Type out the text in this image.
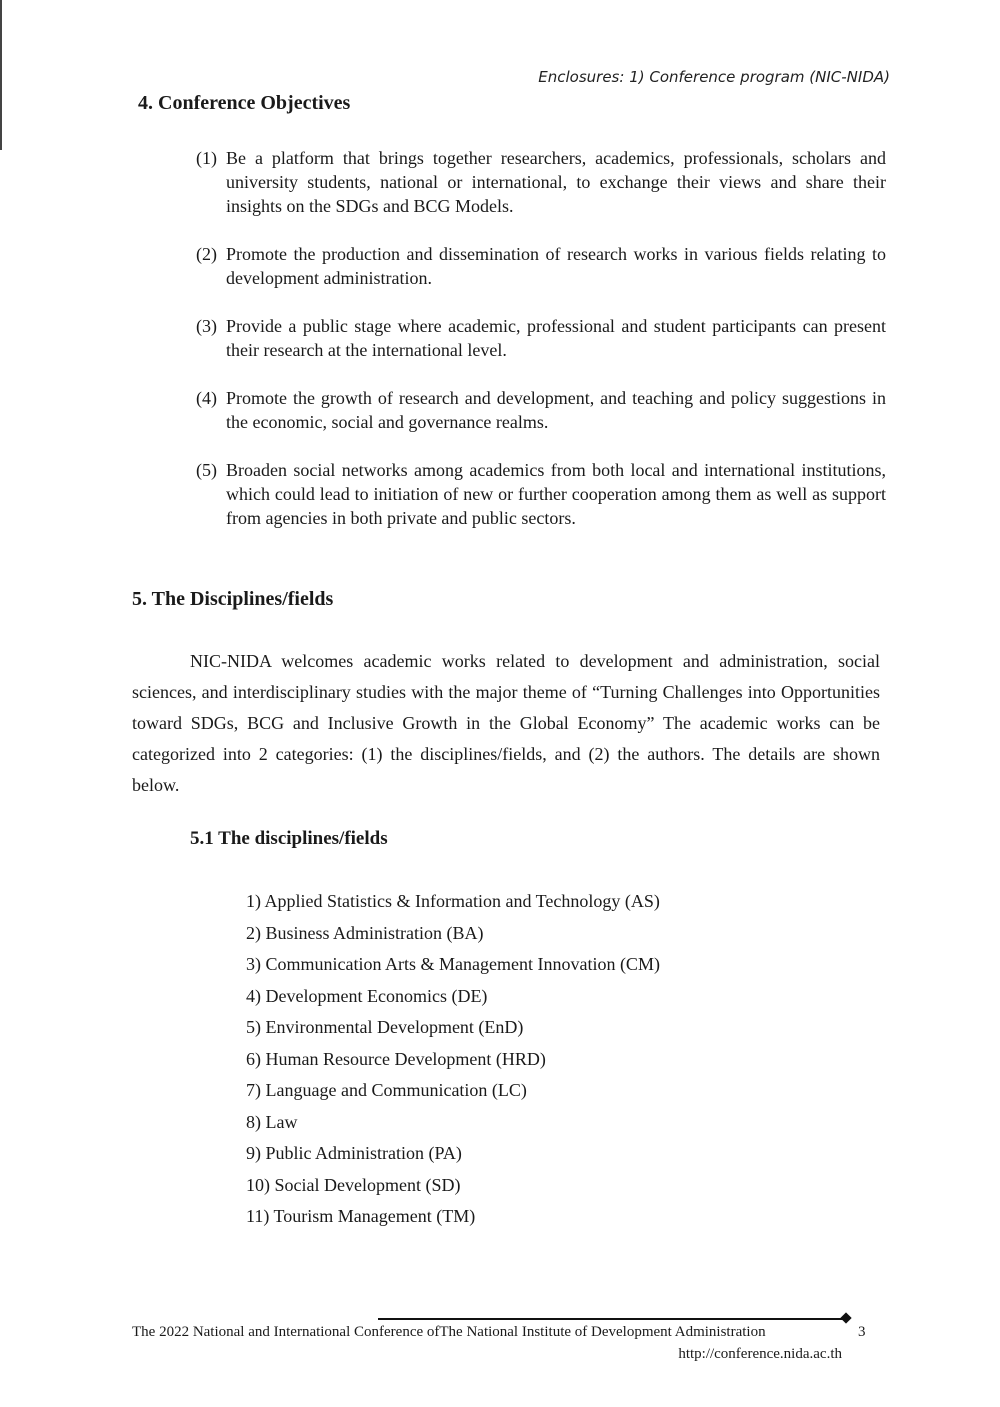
Enclosures: 1) Conference program (NIC-NIDA)
4. Conference Objectives
(1) Be a platform that brings together researchers, academics, professionals, scholars and university students, national or international, to exchange their views and share their insights on the SDGs and BCG Models.
(2) Promote the production and dissemination of research works in various fields relating to development administration.
(3) Provide a public stage where academic, professional and student participants can present their research at the international level.
(4) Promote the growth of research and development, and teaching and policy suggestions in the economic, social and governance realms.
(5) Broaden social networks among academics from both local and international institutions, which could lead to initiation of new or further cooperation among them as well as support from agencies in both private and public sectors.
5. The Disciplines/fields

NIC-NIDA welcomes academic works related to development and administration, social sciences, and interdisciplinary studies with the major theme of “Turning Challenges into Opportunities toward SDGs, BCG and Inclusive Growth in the Global Economy” The academic works can be categorized into 2 categories: (1) the disciplines/fields, and (2) the authors. The details are shown below.

5.1 The disciplines/fields
1) Applied Statistics & Information and Technology (AS)
2) Business Administration (BA)
3) Communication Arts & Management Innovation (CM)
4) Development Economics (DE)
5) Environmental Development (EnD)
6) Human Resource Development (HRD)
7) Language and Communication (LC)
8) Law
9) Public Administration (PA)
10) Social Development (SD)
11) Tourism Management (TM)
The 2022 National and International Conference ofThe National Institute of Development Administration	3
http://conference.nida.ac.th
